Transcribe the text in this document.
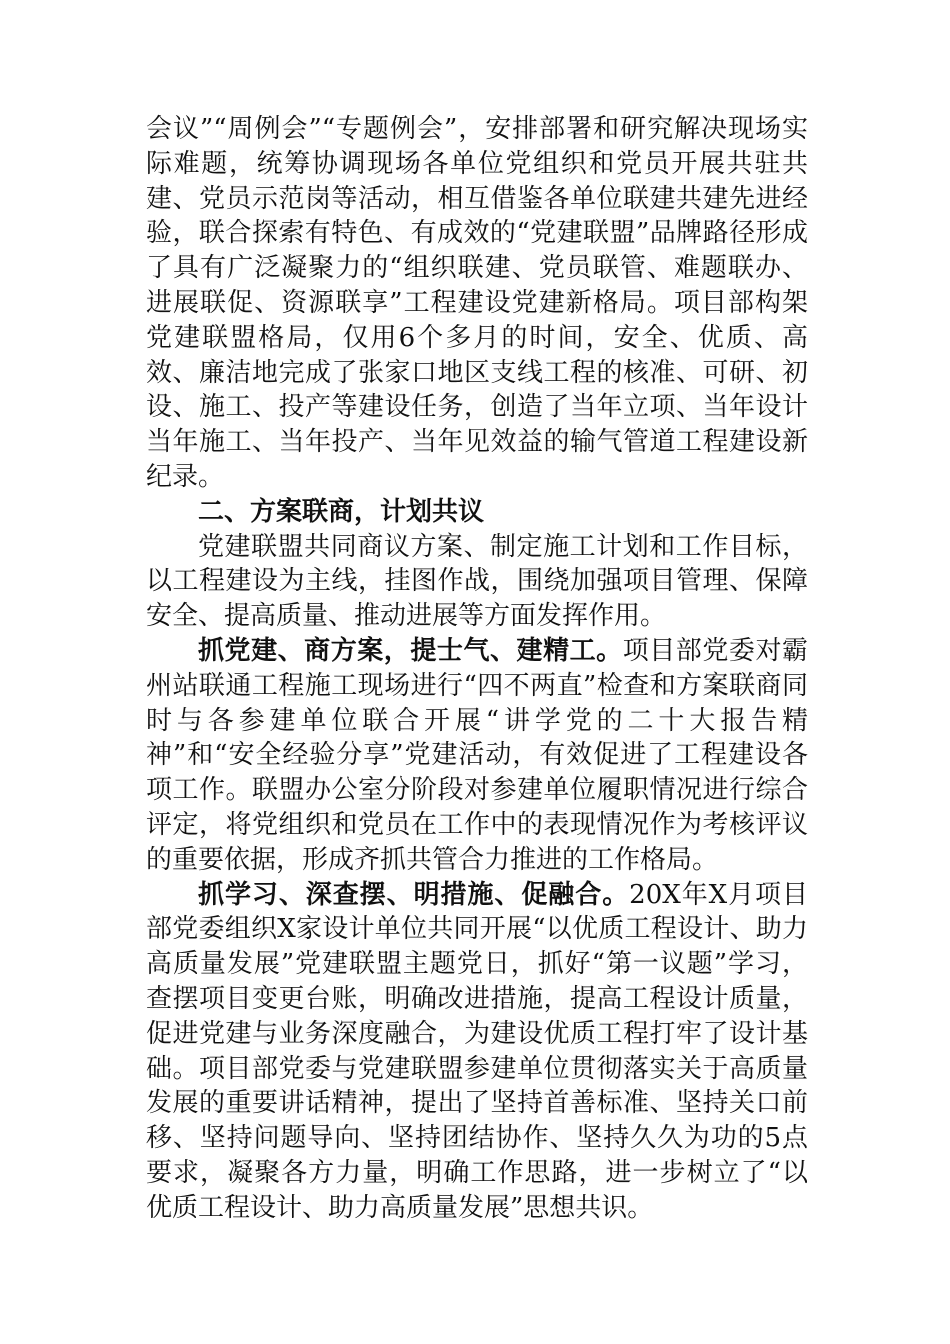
会议”“周例会”“专题例会”，安排部署和研究解决现场实际难题，统筹协调现场各单位党组织和党员开展共驻共建、党员示范岗等活动，相互借鉴各单位联建共建先进经验，联合探索有特色、有成效的“党建联盟”品牌路径形成了具有广泛凝聚力的“组织联建、党员联管、难题联办、进展联促、资源联享”工程建设党建新格局。项目部构架党建联盟格局，仅用6个多月的时间，安全、优质、高效、廉洁地完成了张家口地区支线工程的核准、可研、初设、施工、投产等建设任务，创造了当年立项、当年设计当年施工、当年投产、当年见效益的输气管道工程建设新纪录。

二、方案联商，计划共议

党建联盟共同商议方案、制定施工计划和工作目标，以工程建设为主线，挂图作战，围绕加强项目管理、保障安全、提高质量、推动进展等方面发挥作用。

抓党建、商方案，提士气、建精工。项目部党委对霸州站联通工程施工现场进行“四不两直”检查和方案联商同时与各参建单位联合开展“讲学党的二十大报告精神”和“安全经验分享”党建活动，有效促进了工程建设各项工作。联盟办公室分阶段对参建单位履职情况进行综合评定，将党组织和党员在工作中的表现情况作为考核评议的重要依据，形成齐抓共管合力推进的工作格局。

抓学习、深查摆、明措施、促融合。20X年X月项目部党委组织X家设计单位共同开展“以优质工程设计、助力高质量发展”党建联盟主题党日，抓好“第一议题”学习，查摆项目变更台账，明确改进措施，提高工程设计质量，促进党建与业务深度融合，为建设优质工程打牢了设计基础。项目部党委与党建联盟参建单位贯彻落实关于高质量发展的重要讲话精神，提出了坚持首善标准、坚持关口前移、坚持问题导向、坚持团结协作、坚持久久为功的5点要求，凝聚各方力量，明确工作思路，进一步树立了“以优质工程设计、助力高质量发展”思想共识。
